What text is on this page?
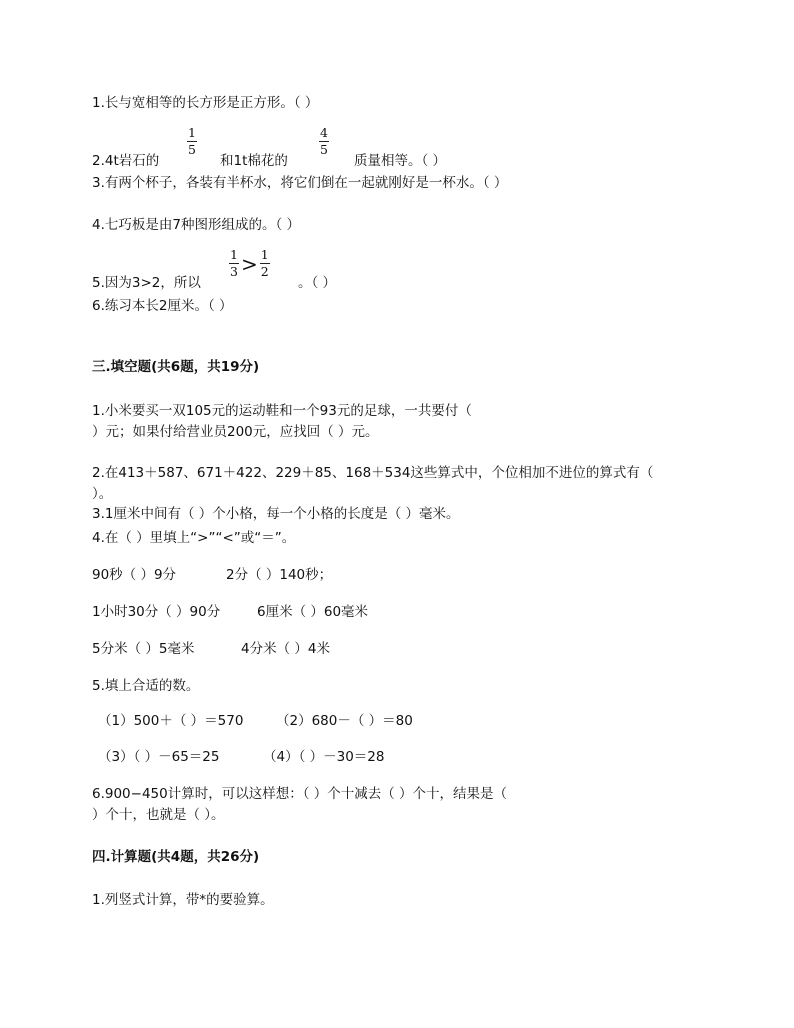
1.长与宽相等的长方形是正方形。（ ）
1
5
4
5
2.4t岩石的	和1t棉花的	质量相等。（ ）
3.有两个杯子，各装有半杯水，将它们倒在一起就刚好是一杯水。（ ）
4.七巧板是由7种图形组成的。（ ）
$\frac{1}{3} > \frac{1}{2}$
5.因为3>2，所以	。（ ）
6.练习本长2厘米。（ ）
三.填空题(共6题，共19分)
1.小米要买一双105元的运动鞋和一个93元的足球，一共要付（
）元；如果付给营业员200元，应找回（ ）元。
2.在413＋587、671＋422、229＋85、168＋534这些算式中，个位相加不进位的算式有（
）。
3.1厘米中间有（ ）个小格，每一个小格的长度是（ ）毫米。
4.在（ ）里填上“>”“<”或“＝”。
90秒（ ）9分	2分（ ）140秒；
1小时30分（ ）90分	6厘米（ ）60毫米
5分米（ ）5毫米	4分米（ ）4米
5.填上合适的数。
（1）500＋（ ）＝570 （2）680－（ ）＝80
（3）（ ）－65＝25	（4）（ ）－30＝28
6.900−450计算时，可以这样想：（ ）个十减去（ ）个十，结果是（
）个十，也就是（ ）。
四.计算题(共4题，共26分)
1.列竖式计算，带*的要验算。
